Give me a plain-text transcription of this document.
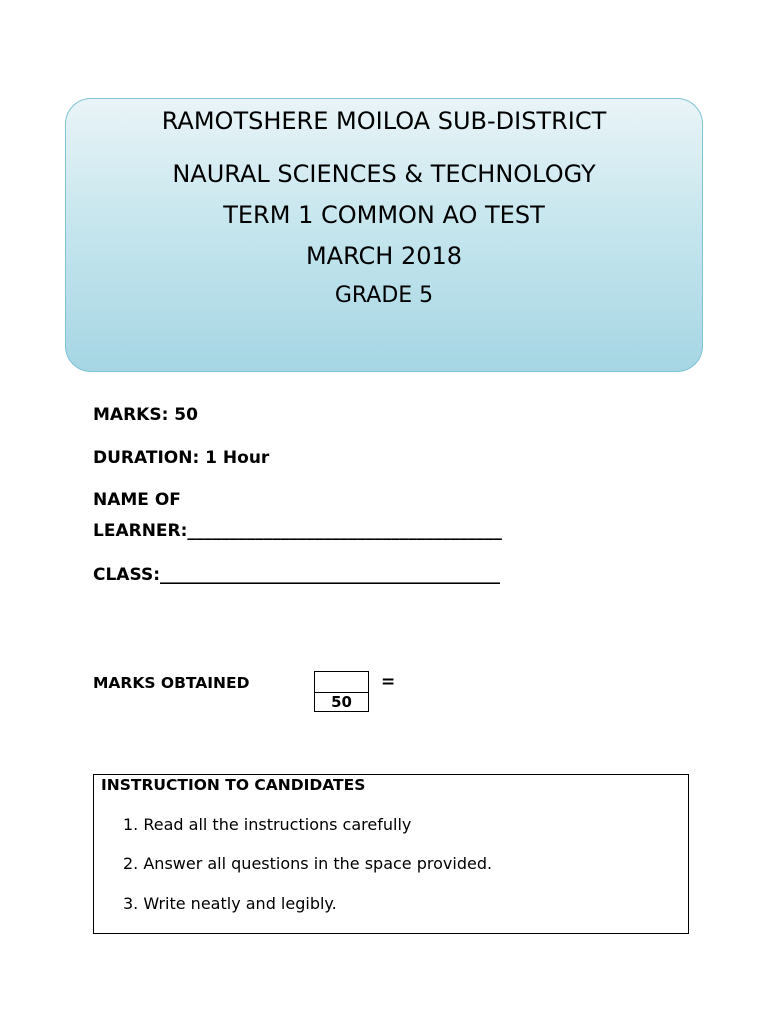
RAMOTSHERE MOILOA SUB-DISTRICT
NAURAL SCIENCES & TECHNOLOGY
TERM 1 COMMON AO TEST
MARCH 2018
GRADE 5
MARKS: 50
DURATION: 1 Hour
NAME OF
LEARNER:_____________________________________
CLASS:________________________________________
MARKS OBTAINED
50
=
INSTRUCTION TO CANDIDATES
1. Read all the instructions carefully
2. Answer all questions in the space provided.
3. Write neatly and legibly.
